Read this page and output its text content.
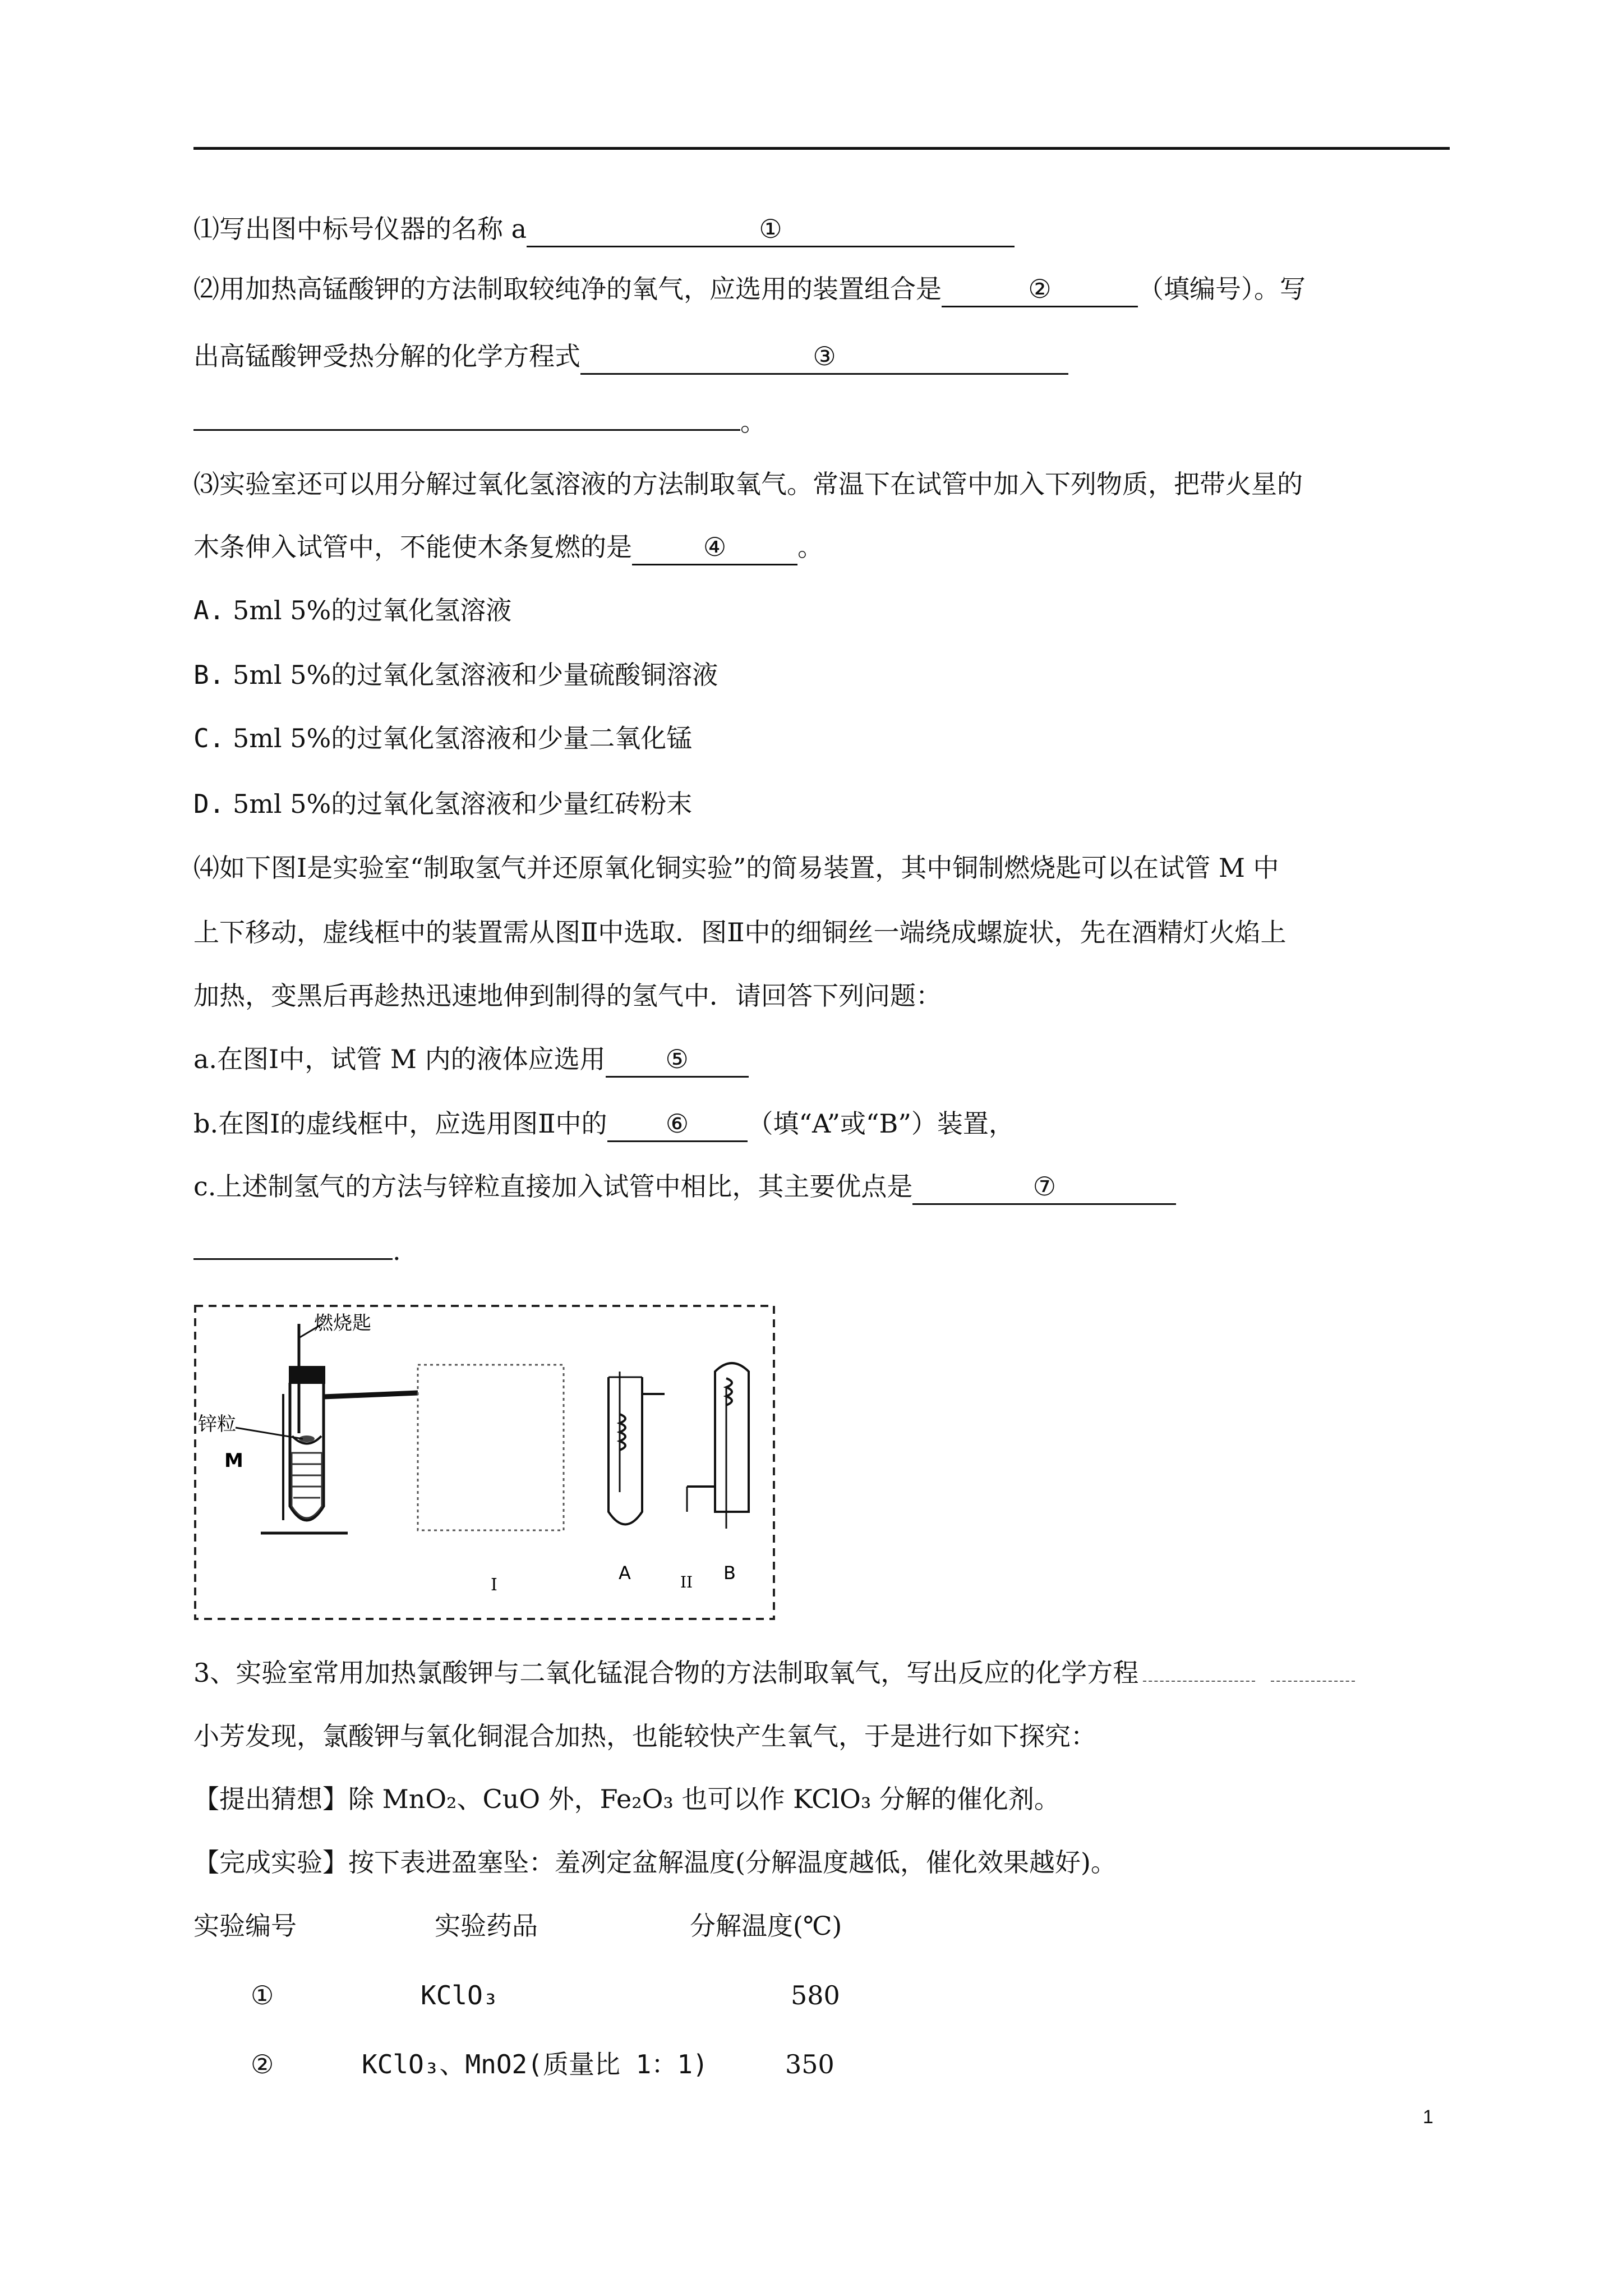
⑴写出图中标号仪器的名称 a	①
⑵用加热高锰酸钾的方法制取较纯净的氧气，应选用的装置组合是	②	（填编号）。写
出高锰酸钾受热分解的化学方程式	③
。
⑶实验室还可以用分解过氧化氢溶液的方法制取氧气。常温下在试管中加入下列物质，把带火星的
木条伸入试管中，不能使木条复燃的是	④	。
A. 5ml 5%的过氧化氢溶液
B. 5ml 5%的过氧化氢溶液和少量硫酸铜溶液
C. 5ml 5%的过氧化氢溶液和少量二氧化锰
D. 5ml 5%的过氧化氢溶液和少量红砖粉末
⑷如下图Ⅰ是实验室“制取氢气并还原氧化铜实验”的简易装置，其中铜制燃烧匙可以在试管 M 中
上下移动，虚线框中的装置需从图Ⅱ中选取．图Ⅱ中的细铜丝一端绕成螺旋状，先在酒精灯火焰上
加热，变黑后再趁热迅速地伸到制得的氢气中．请回答下列问题：
a.在图Ⅰ中，试管 M 内的液体应选用 ⑤
b.在图Ⅰ的虚线框中，应选用图Ⅱ中的 ⑥ （填“A”或“B”）装置，
c.上述制氢气的方法与锌粒直接加入试管中相比，其主要优点是	⑦
.
燃烧匙
锌粒
M
I
A	II B
3、实验室常用加热氯酸钾与二氧化锰混合物的方法制取氧气，写出反应的化学方程
小芳发现，氯酸钾与氧化铜混合加热，也能较快产生氧气，于是进行如下探究：
【提出猜想】除 MnO₂、CuO 外，Fe₂O₃ 也可以作 KClO₃ 分解的催化剂。
【完成实验】按下表进盈塞坠：羞冽定盆解温度(分解温度越低，催化效果越好)。
实验编号	实验药品	分解温度(℃)
①	KClO₃	580
②	KClO₃、MnO2(质量比 1：1)	350
1
